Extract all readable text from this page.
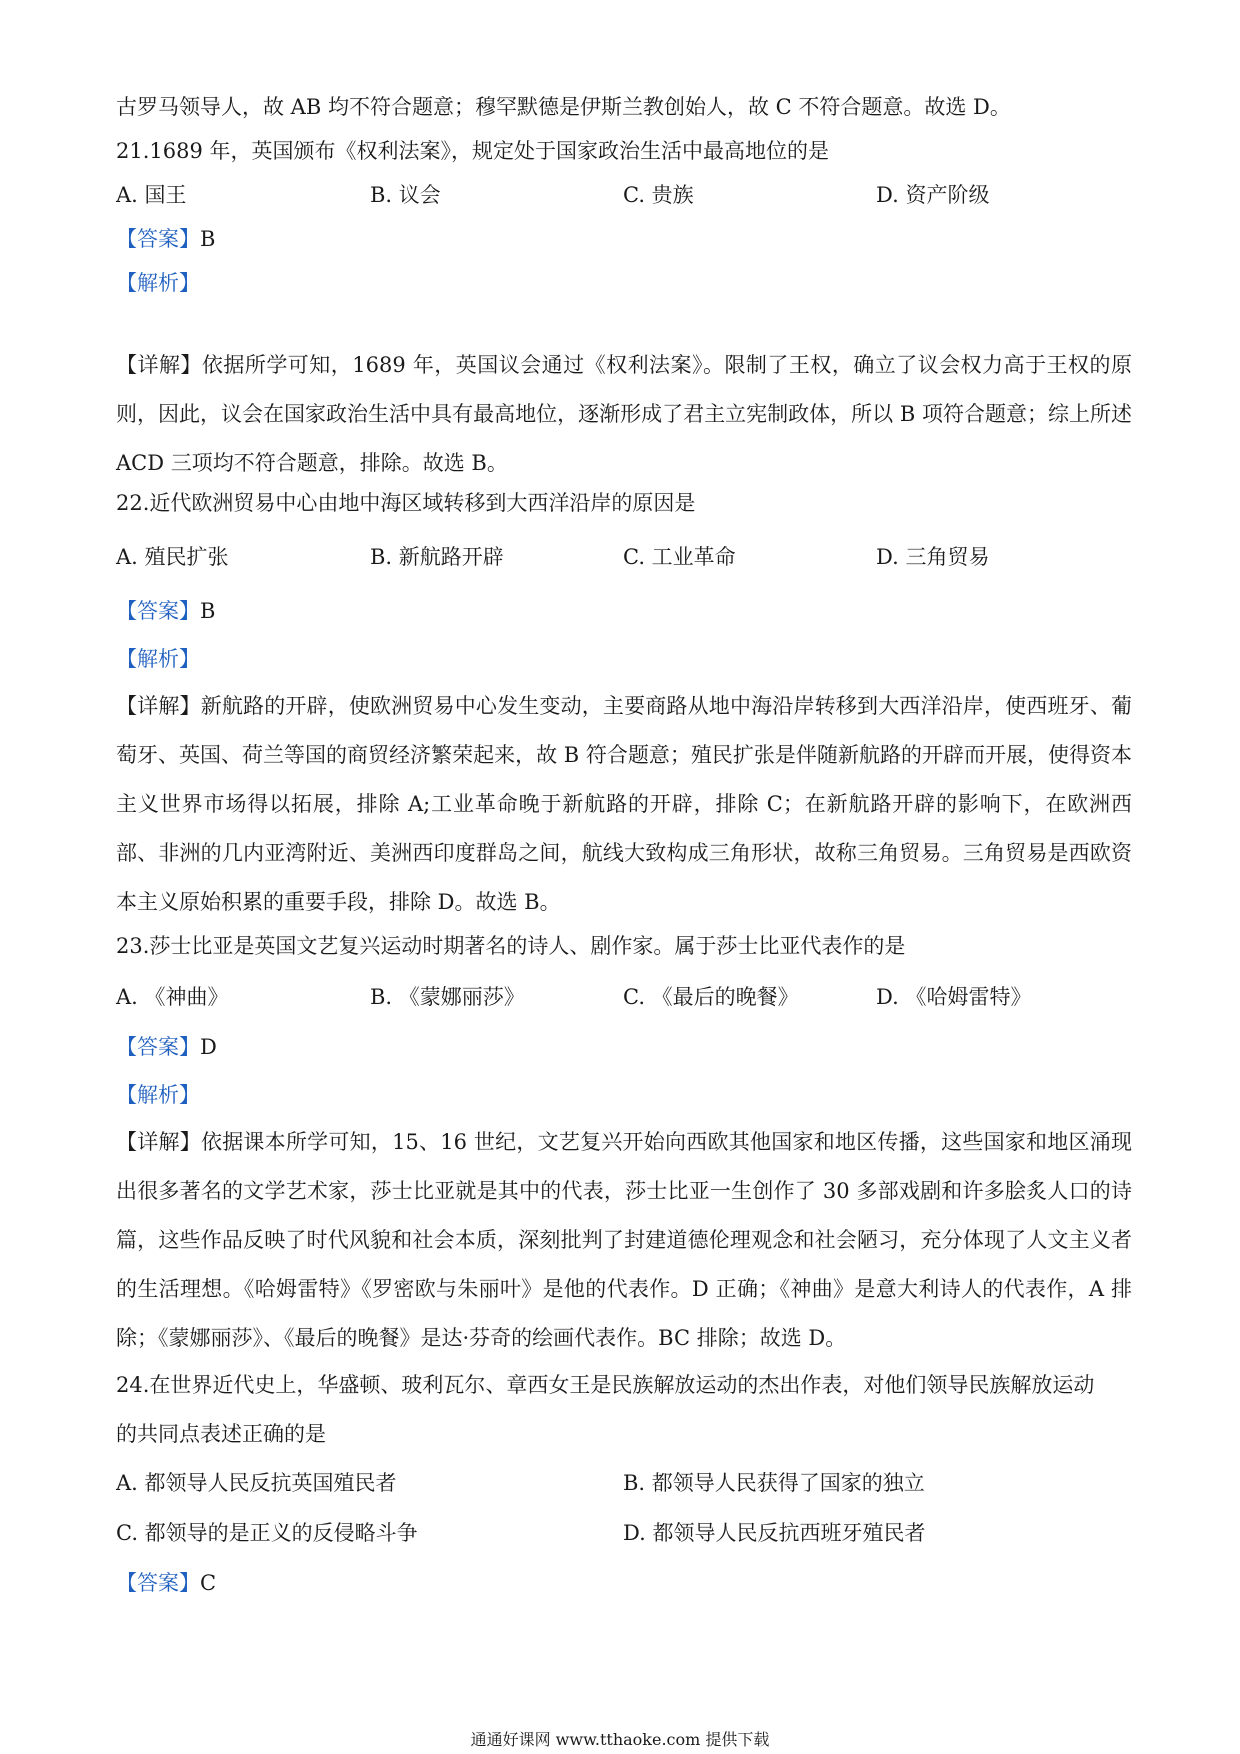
古罗马领导人，故 AB 均不符合题意；穆罕默德是伊斯兰教创始人，故 C 不符合题意。故选 D。
21.1689 年，英国颁布《权利法案》，规定处于国家政治生活中最高地位的是
A. 国王	B. 议会	C. 贵族	D. 资产阶级
【答案】B
【解析】
【详解】依据所学可知，1689 年，英国议会通过《权利法案》。限制了王权，确立了议会权力高于王权的原则，因此，议会在国家政治生活中具有最高地位，逐渐形成了君主立宪制政体，所以 B 项符合题意；综上所述 ACD 三项均不符合题意，排除。故选 B。
22.近代欧洲贸易中心由地中海区域转移到大西洋沿岸的原因是
A. 殖民扩张	B. 新航路开辟	C. 工业革命	D. 三角贸易
【答案】B
【解析】
【详解】新航路的开辟，使欧洲贸易中心发生变动，主要商路从地中海沿岸转移到大西洋沿岸，使西班牙、葡萄牙、英国、荷兰等国的商贸经济繁荣起来，故 B 符合题意；殖民扩张是伴随新航路的开辟而开展，使得资本主义世界市场得以拓展，排除 A;工业革命晚于新航路的开辟，排除 C；在新航路开辟的影响下，在欧洲西部、非洲的几内亚湾附近、美洲西印度群岛之间，航线大致构成三角形状，故称三角贸易。三角贸易是西欧资本主义原始积累的重要手段，排除 D。故选 B。
23.莎士比亚是英国文艺复兴运动时期著名的诗人、剧作家。属于莎士比亚代表作的是
A. 《神曲》	B. 《蒙娜丽莎》	C. 《最后的晚餐》	D. 《哈姆雷特》
【答案】D
【解析】
【详解】依据课本所学可知，15、16 世纪，文艺复兴开始向西欧其他国家和地区传播，这些国家和地区涌现出很多著名的文学艺术家，莎士比亚就是其中的代表，莎士比亚一生创作了 30 多部戏剧和许多脍炙人口的诗篇，这些作品反映了时代风貌和社会本质，深刻批判了封建道德伦理观念和社会陋习，充分体现了人文主义者的生活理想。《哈姆雷特》《罗密欧与朱丽叶》是他的代表作。D 正确；《神曲》是意大利诗人的代表作，A 排除；《蒙娜丽莎》、《最后的晚餐》是达·芬奇的绘画代表作。BC 排除；故选 D。
24.在世界近代史上，华盛顿、玻利瓦尔、章西女王是民族解放运动的杰出作表，对他们领导民族解放运动
的共同点表述正确的是
A. 都领导人民反抗英国殖民者	B. 都领导人民获得了国家的独立
C. 都领导的是正义的反侵略斗争	D. 都领导人民反抗西班牙殖民者
【答案】C
通通好课网 www.tthaoke.com 提供下载
